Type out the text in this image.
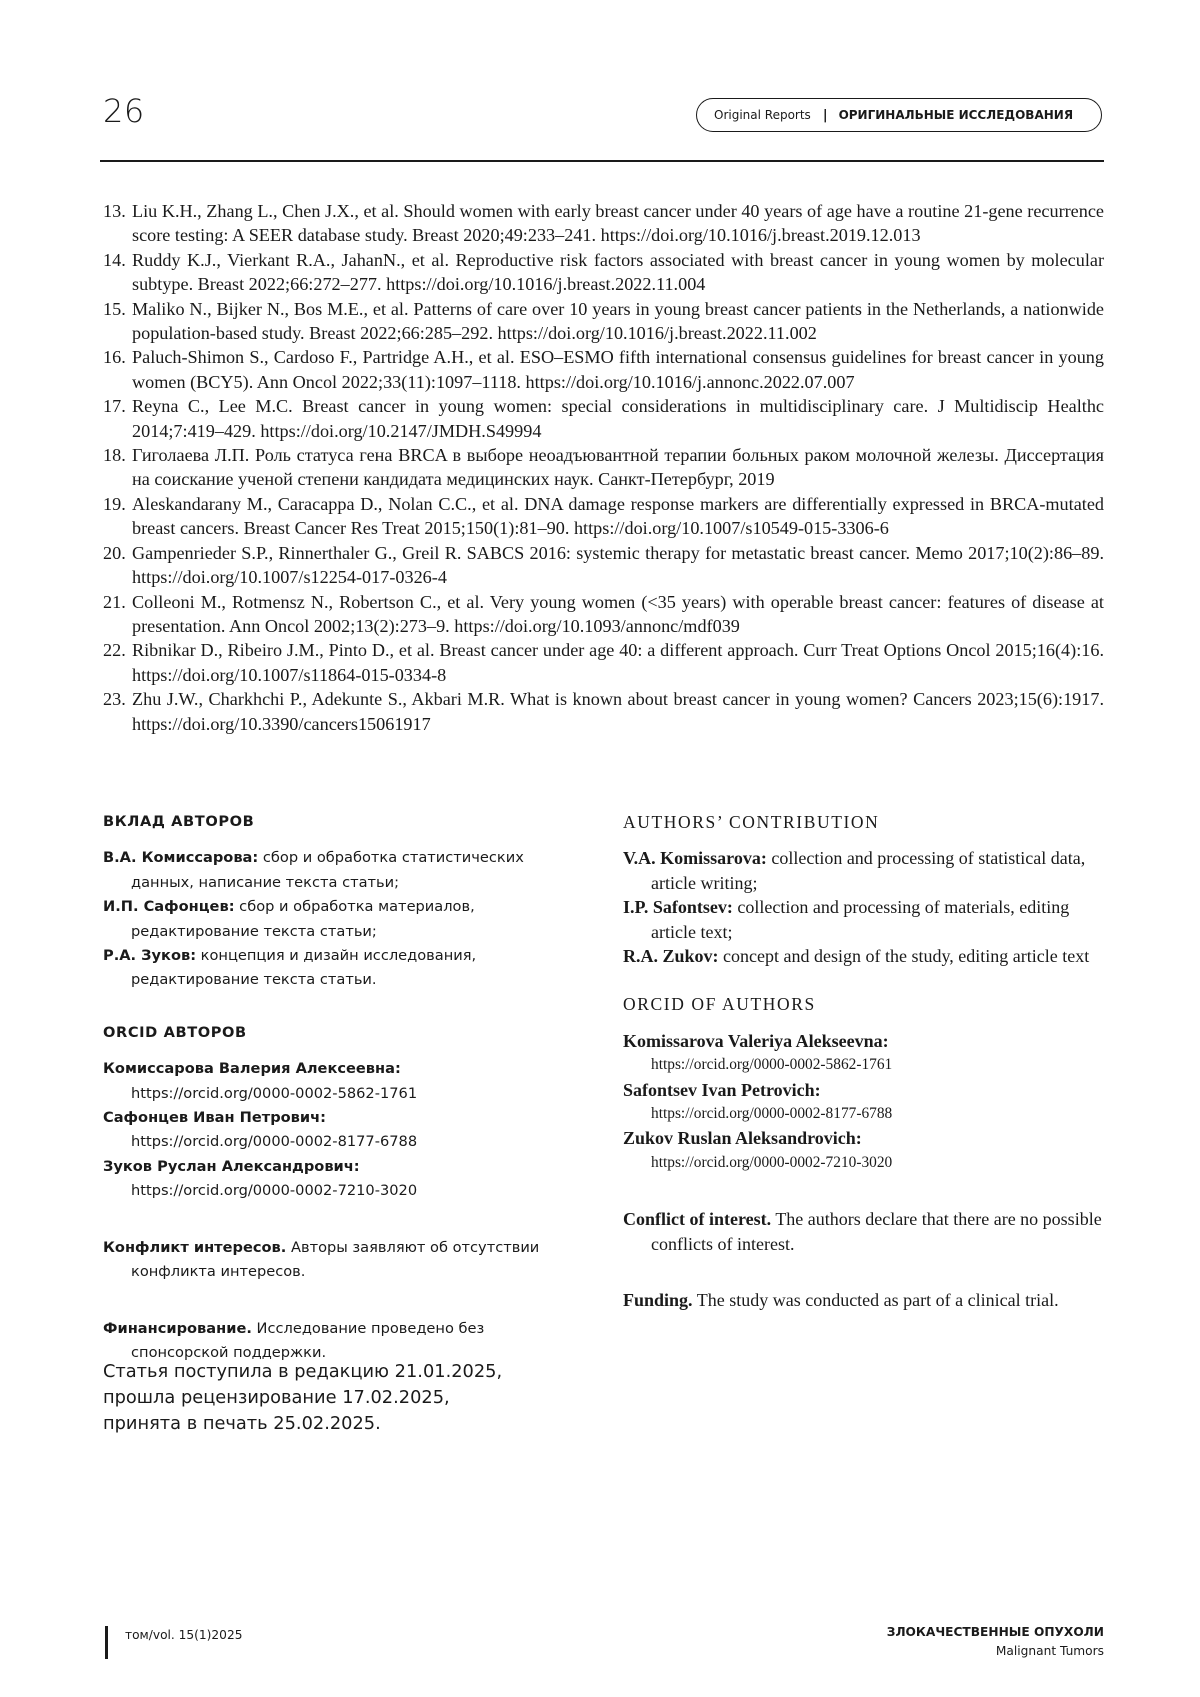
26	Original Reports | ОРИГИНАЛЬНЫЕ ИССЛЕДОВАНИЯ
13. Liu K.H., Zhang L., Chen J.X., et al. Should women with early breast cancer under 40 years of age have a routine 21-gene recurrence score testing: A SEER database study. Breast 2020;49:233–241. https://doi.org/10.1016/j.breast.2019.12.013
14. Ruddy K.J., Vierkant R.A., JahanN., et al. Reproductive risk factors associated with breast cancer in young women by molecular subtype. Breast 2022;66:272–277. https://doi.org/10.1016/j.breast.2022.11.004
15. Maliko N., Bijker N., Bos M.E., et al. Patterns of care over 10 years in young breast cancer patients in the Netherlands, a nationwide population-based study. Breast 2022;66:285–292. https://doi.org/10.1016/j.breast.2022.11.002
16. Paluch-Shimon S., Cardoso F., Partridge A.H., et al. ESO–ESMO fifth international consensus guidelines for breast cancer in young women (BCY5). Ann Oncol 2022;33(11):1097–1118. https://doi.org/10.1016/j.annonc.2022.07.007
17. Reyna C., Lee M.C. Breast cancer in young women: special considerations in multidisciplinary care. J Multidiscip Healthc 2014;7:419–429. https://doi.org/10.2147/JMDH.S49994
18. Гиголаева Л.П. Роль статуса гена BRCA в выборе неоадъювантной терапии больных раком молочной железы. Диссертация на соискание ученой степени кандидата медицинских наук. Санкт-Петербург, 2019
19. Aleskandarany M., Caracappa D., Nolan C.C., et al. DNA damage response markers are differentially expressed in BRCA-mutated breast cancers. Breast Cancer Res Treat 2015;150(1):81–90. https://doi.org/10.1007/s10549-015-3306-6
20. Gampenrieder S.P., Rinnerthaler G., Greil R. SABCS 2016: systemic therapy for metastatic breast cancer. Memo 2017;10(2):86–89. https://doi.org/10.1007/s12254-017-0326-4
21. Colleoni M., Rotmensz N., Robertson C., et al. Very young women (<35 years) with operable breast cancer: features of disease at presentation. Ann Oncol 2002;13(2):273–9. https://doi.org/10.1093/annonc/mdf039
22. Ribnikar D., Ribeiro J.M., Pinto D., et al. Breast cancer under age 40: a different approach. Curr Treat Options Oncol 2015;16(4):16. https://doi.org/10.1007/s11864-015-0334-8
23. Zhu J.W., Charkhchi P., Adekunte S., Akbari M.R. What is known about breast cancer in young women? Cancers 2023;15(6):1917. https://doi.org/10.3390/cancers15061917
ВКЛАД АВТОРОВ
В.А. Комиссарова: сбор и обработка статистических данных, написание текста статьи;
И.П. Сафонцев: сбор и обработка материалов, редактирование текста статьи;
Р.А. Зуков: концепция и дизайн исследования, редактирование текста статьи.
ORCID АВТОРОВ
Комиссарова Валерия Алексеевна:
https://orcid.org/0000-0002-5862-1761
Сафонцев Иван Петрович:
https://orcid.org/0000-0002-8177-6788
Зуков Руслан Александрович:
https://orcid.org/0000-0002-7210-3020
Конфликт интересов. Авторы заявляют об отсутствии конфликта интересов.
Финансирование. Исследование проведено без спонсорской поддержки.
AUTHORS’ CONTRIBUTION
V.A. Komissarova: collection and processing of statistical data, article writing;
I.P. Safontsev: collection and processing of materials, editing article text;
R.A. Zukov: concept and design of the study, editing article text
ORCID OF AUTHORS
Komissarova Valeriya Alekseevna:
https://orcid.org/0000-0002-5862-1761
Safontsev Ivan Petrovich:
https://orcid.org/0000-0002-8177-6788
Zukov Ruslan Aleksandrovich:
https://orcid.org/0000-0002-7210-3020
Conflict of interest. The authors declare that there are no possible conflicts of interest.
Funding. The study was conducted as part of a clinical trial.
Статья поступила в редакцию 21.01.2025,
прошла рецензирование 17.02.2025,
принята в печать 25.02.2025.
том/vol. 15(1)2025	ЗЛОКАЧЕСТВЕННЫЕ ОПУХОЛИ
Malignant Tumors
